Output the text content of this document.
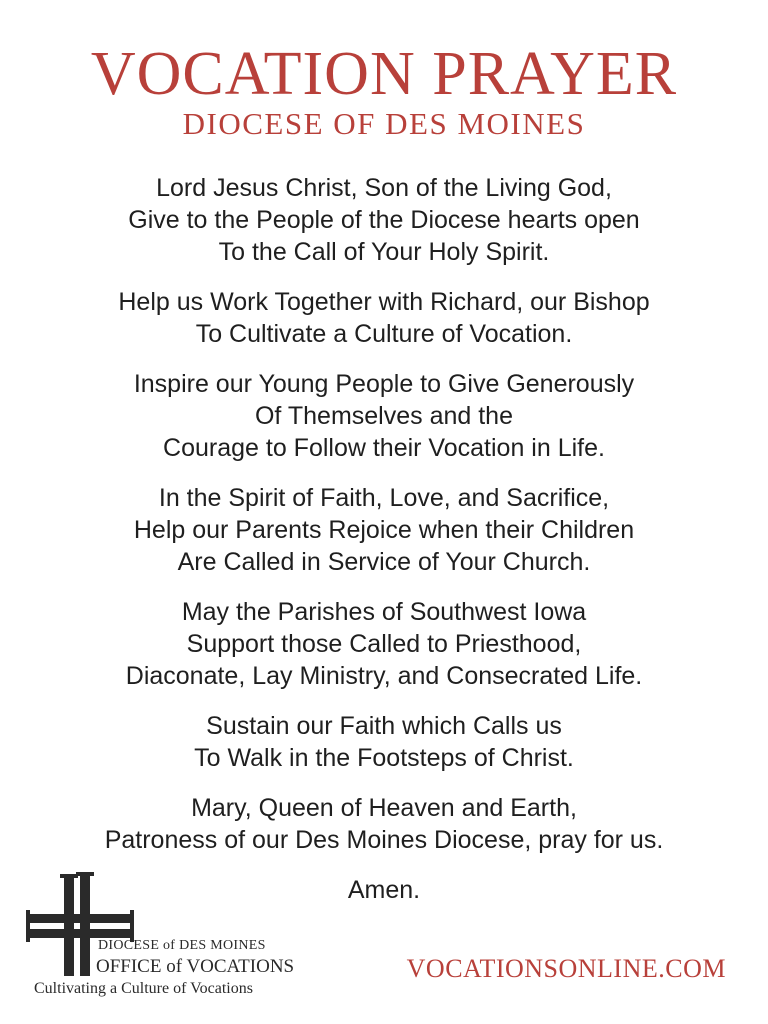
VOCATION PRAYER
DIOCESE OF DES MOINES
Lord Jesus Christ, Son of the Living God,
Give to the People of the Diocese hearts open
To the Call of Your Holy Spirit.
Help us Work Together with Richard, our Bishop
To Cultivate a Culture of Vocation.
Inspire our Young People to Give Generously
Of Themselves and the
Courage to Follow their Vocation in Life.
In the Spirit of Faith, Love, and Sacrifice,
Help our Parents Rejoice when their Children
Are Called in Service of Your Church.
May the Parishes of Southwest Iowa
Support those Called to Priesthood,
Diaconate, Lay Ministry, and Consecrated Life.
Sustain our Faith which Calls us
To Walk in the Footsteps of Christ.
Mary, Queen of Heaven and Earth,
Patroness of our Des Moines Diocese, pray for us.
Amen.
DIOCESE of DES MOINES
OFFICE of VOCATIONS
Cultivating a Culture of Vocations
VOCATIONSONLINE.COM
